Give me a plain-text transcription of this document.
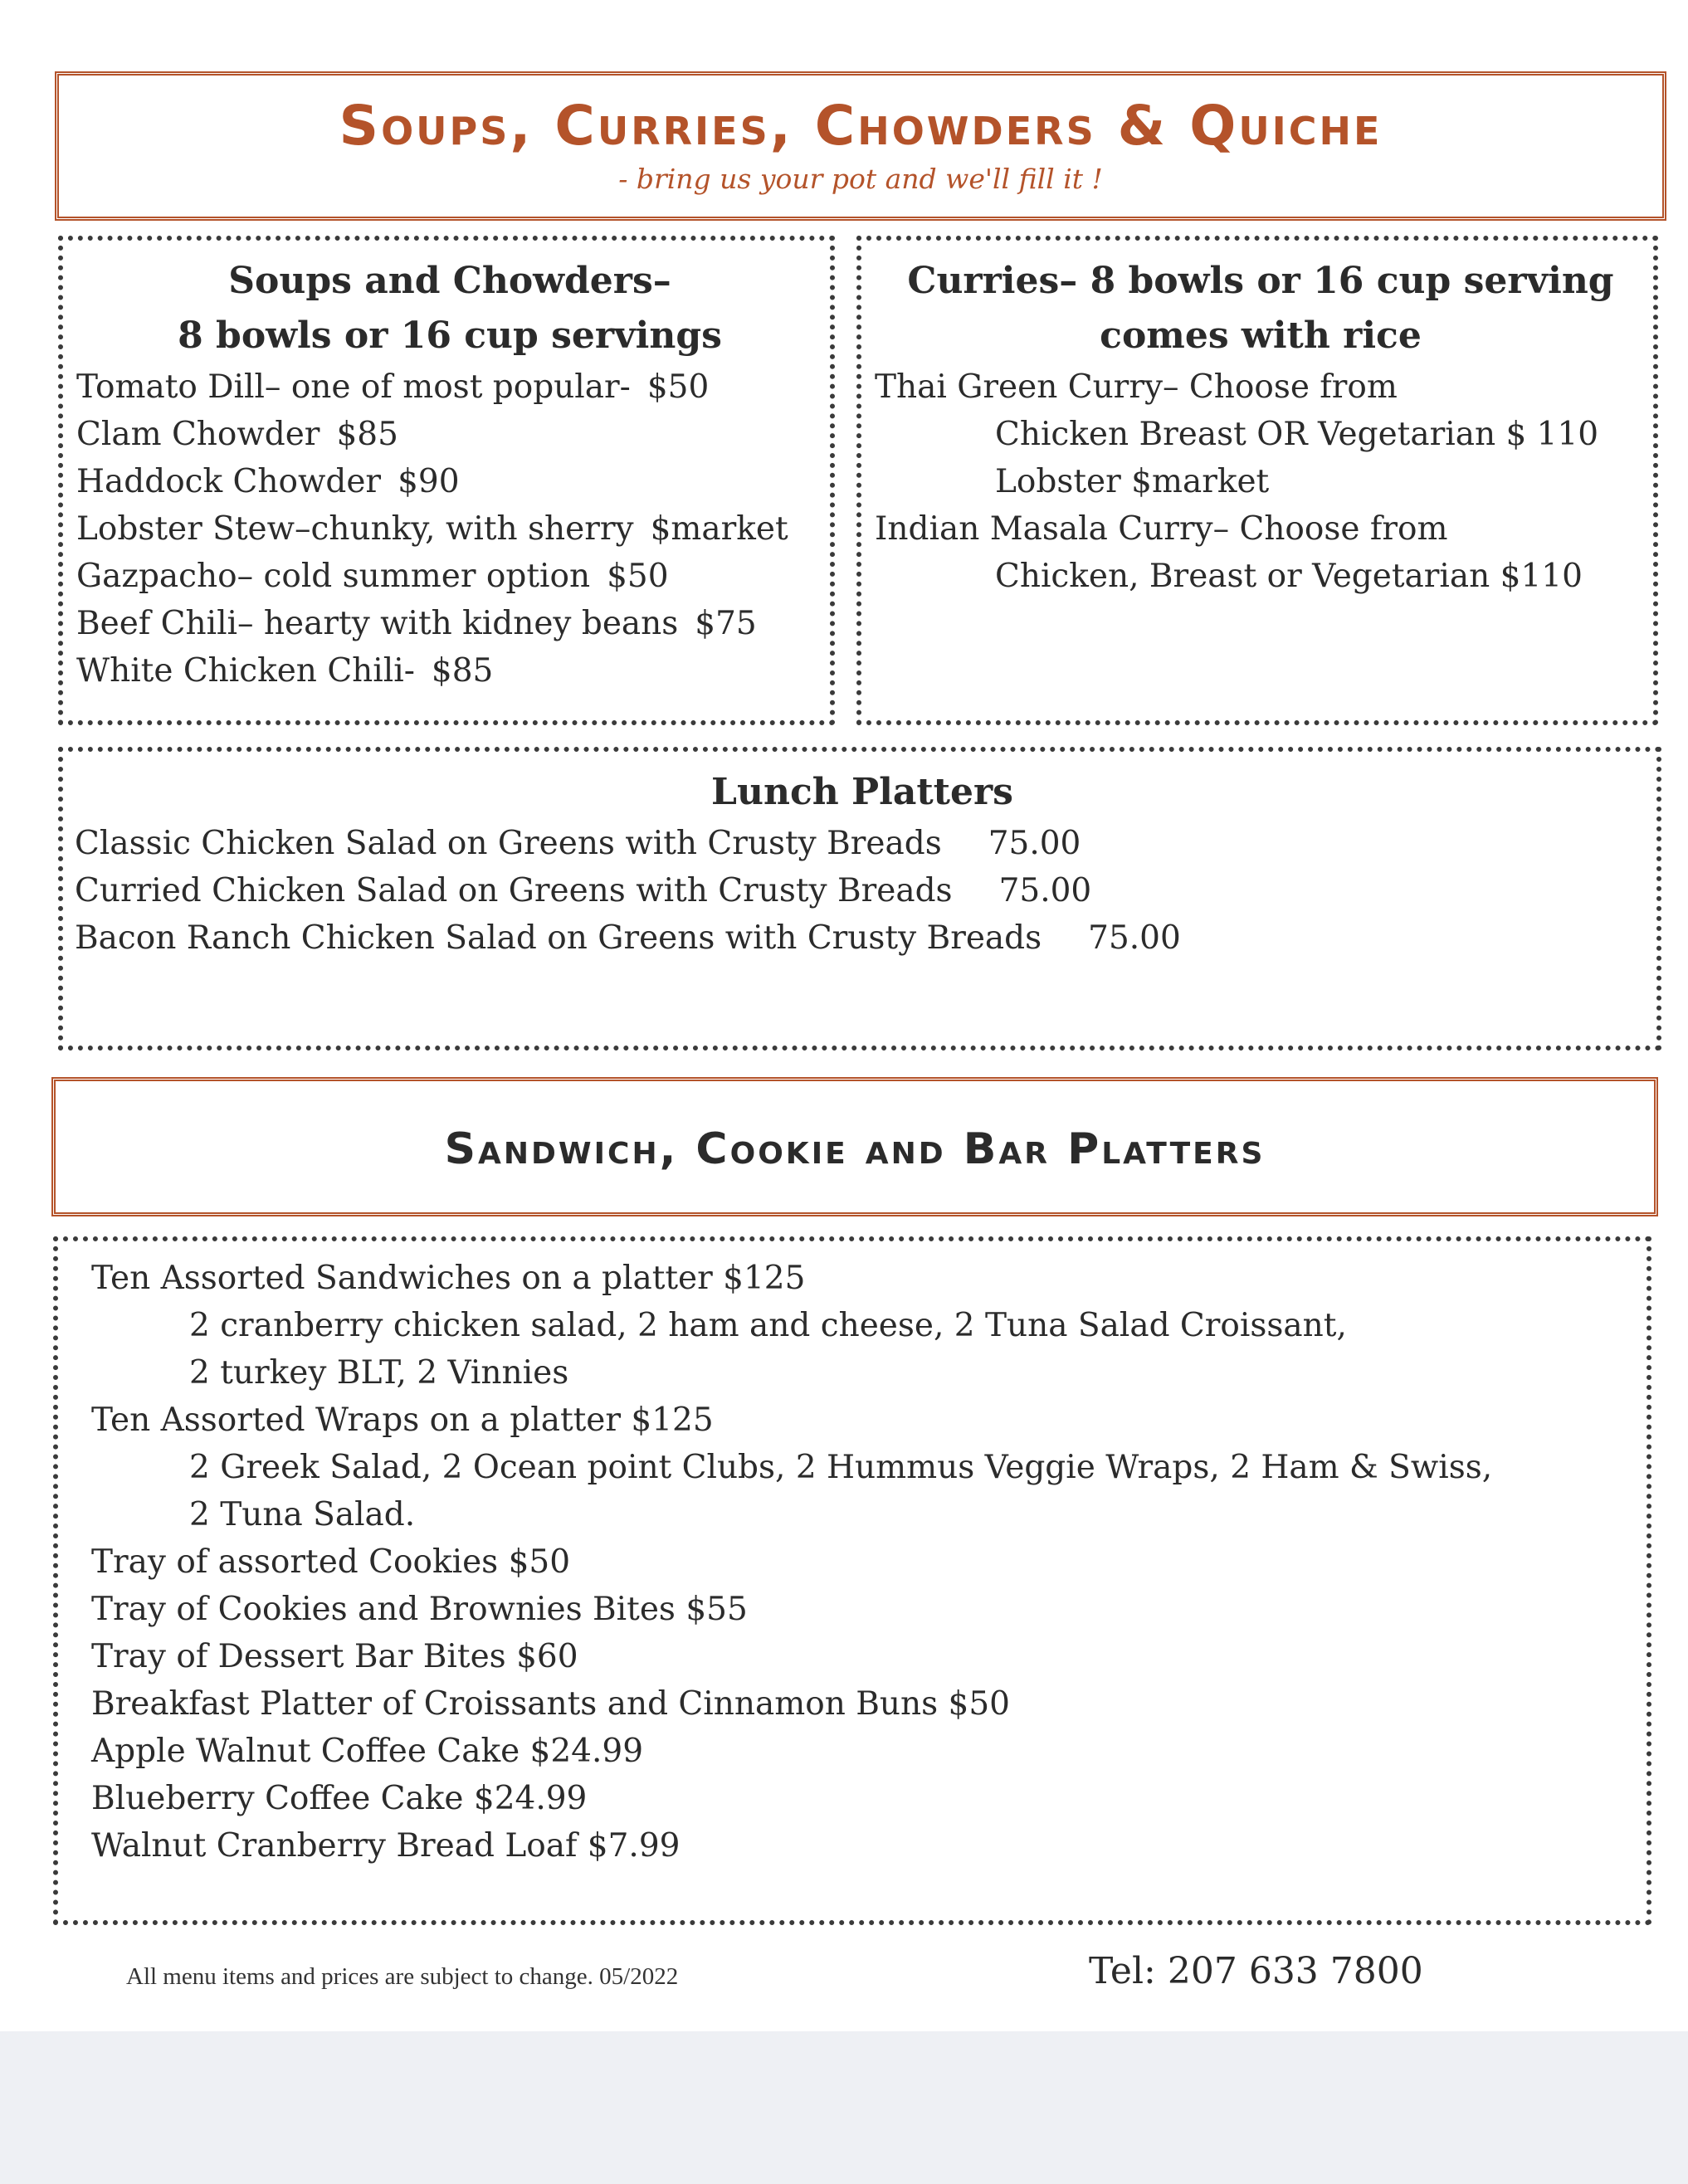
Soups, Curries, Chowders & Quiche
- bring us your pot and we'll fill it !
Soups and Chowders–
8 bowls or 16 cup servings
Tomato Dill– one of most popular- $50
Clam Chowder $85
Haddock Chowder $90
Lobster Stew–chunky, with sherry $market
Gazpacho– cold summer option $50
Beef Chili– hearty with kidney beans $75
White Chicken Chili- $85
Curries– 8 bowls or 16 cup serving
comes with rice
Thai Green Curry– Choose from
Chicken Breast OR Vegetarian $ 110
Lobster $market
Indian Masala Curry– Choose from
Chicken, Breast or Vegetarian $110
Lunch Platters
Classic Chicken Salad on Greens with Crusty Breads 75.00
Curried Chicken Salad on Greens with Crusty Breads 75.00
Bacon Ranch Chicken Salad on Greens with Crusty Breads 75.00
Sandwich, Cookie and Bar Platters
Ten Assorted Sandwiches on a platter $125
2 cranberry chicken salad, 2 ham and cheese, 2 Tuna Salad Croissant,
2 turkey BLT, 2 Vinnies
Ten Assorted Wraps on a platter $125
2 Greek Salad, 2 Ocean point Clubs, 2 Hummus Veggie Wraps, 2 Ham & Swiss,
2 Tuna Salad.
Tray of assorted Cookies $50
Tray of Cookies and Brownies Bites $55
Tray of Dessert Bar Bites $60
Breakfast Platter of Croissants and Cinnamon Buns $50
Apple Walnut Coffee Cake $24.99
Blueberry Coffee Cake $24.99
Walnut Cranberry Bread Loaf $7.99
All menu items and prices are subject to change. 05/2022	Tel: 207 633 7800
